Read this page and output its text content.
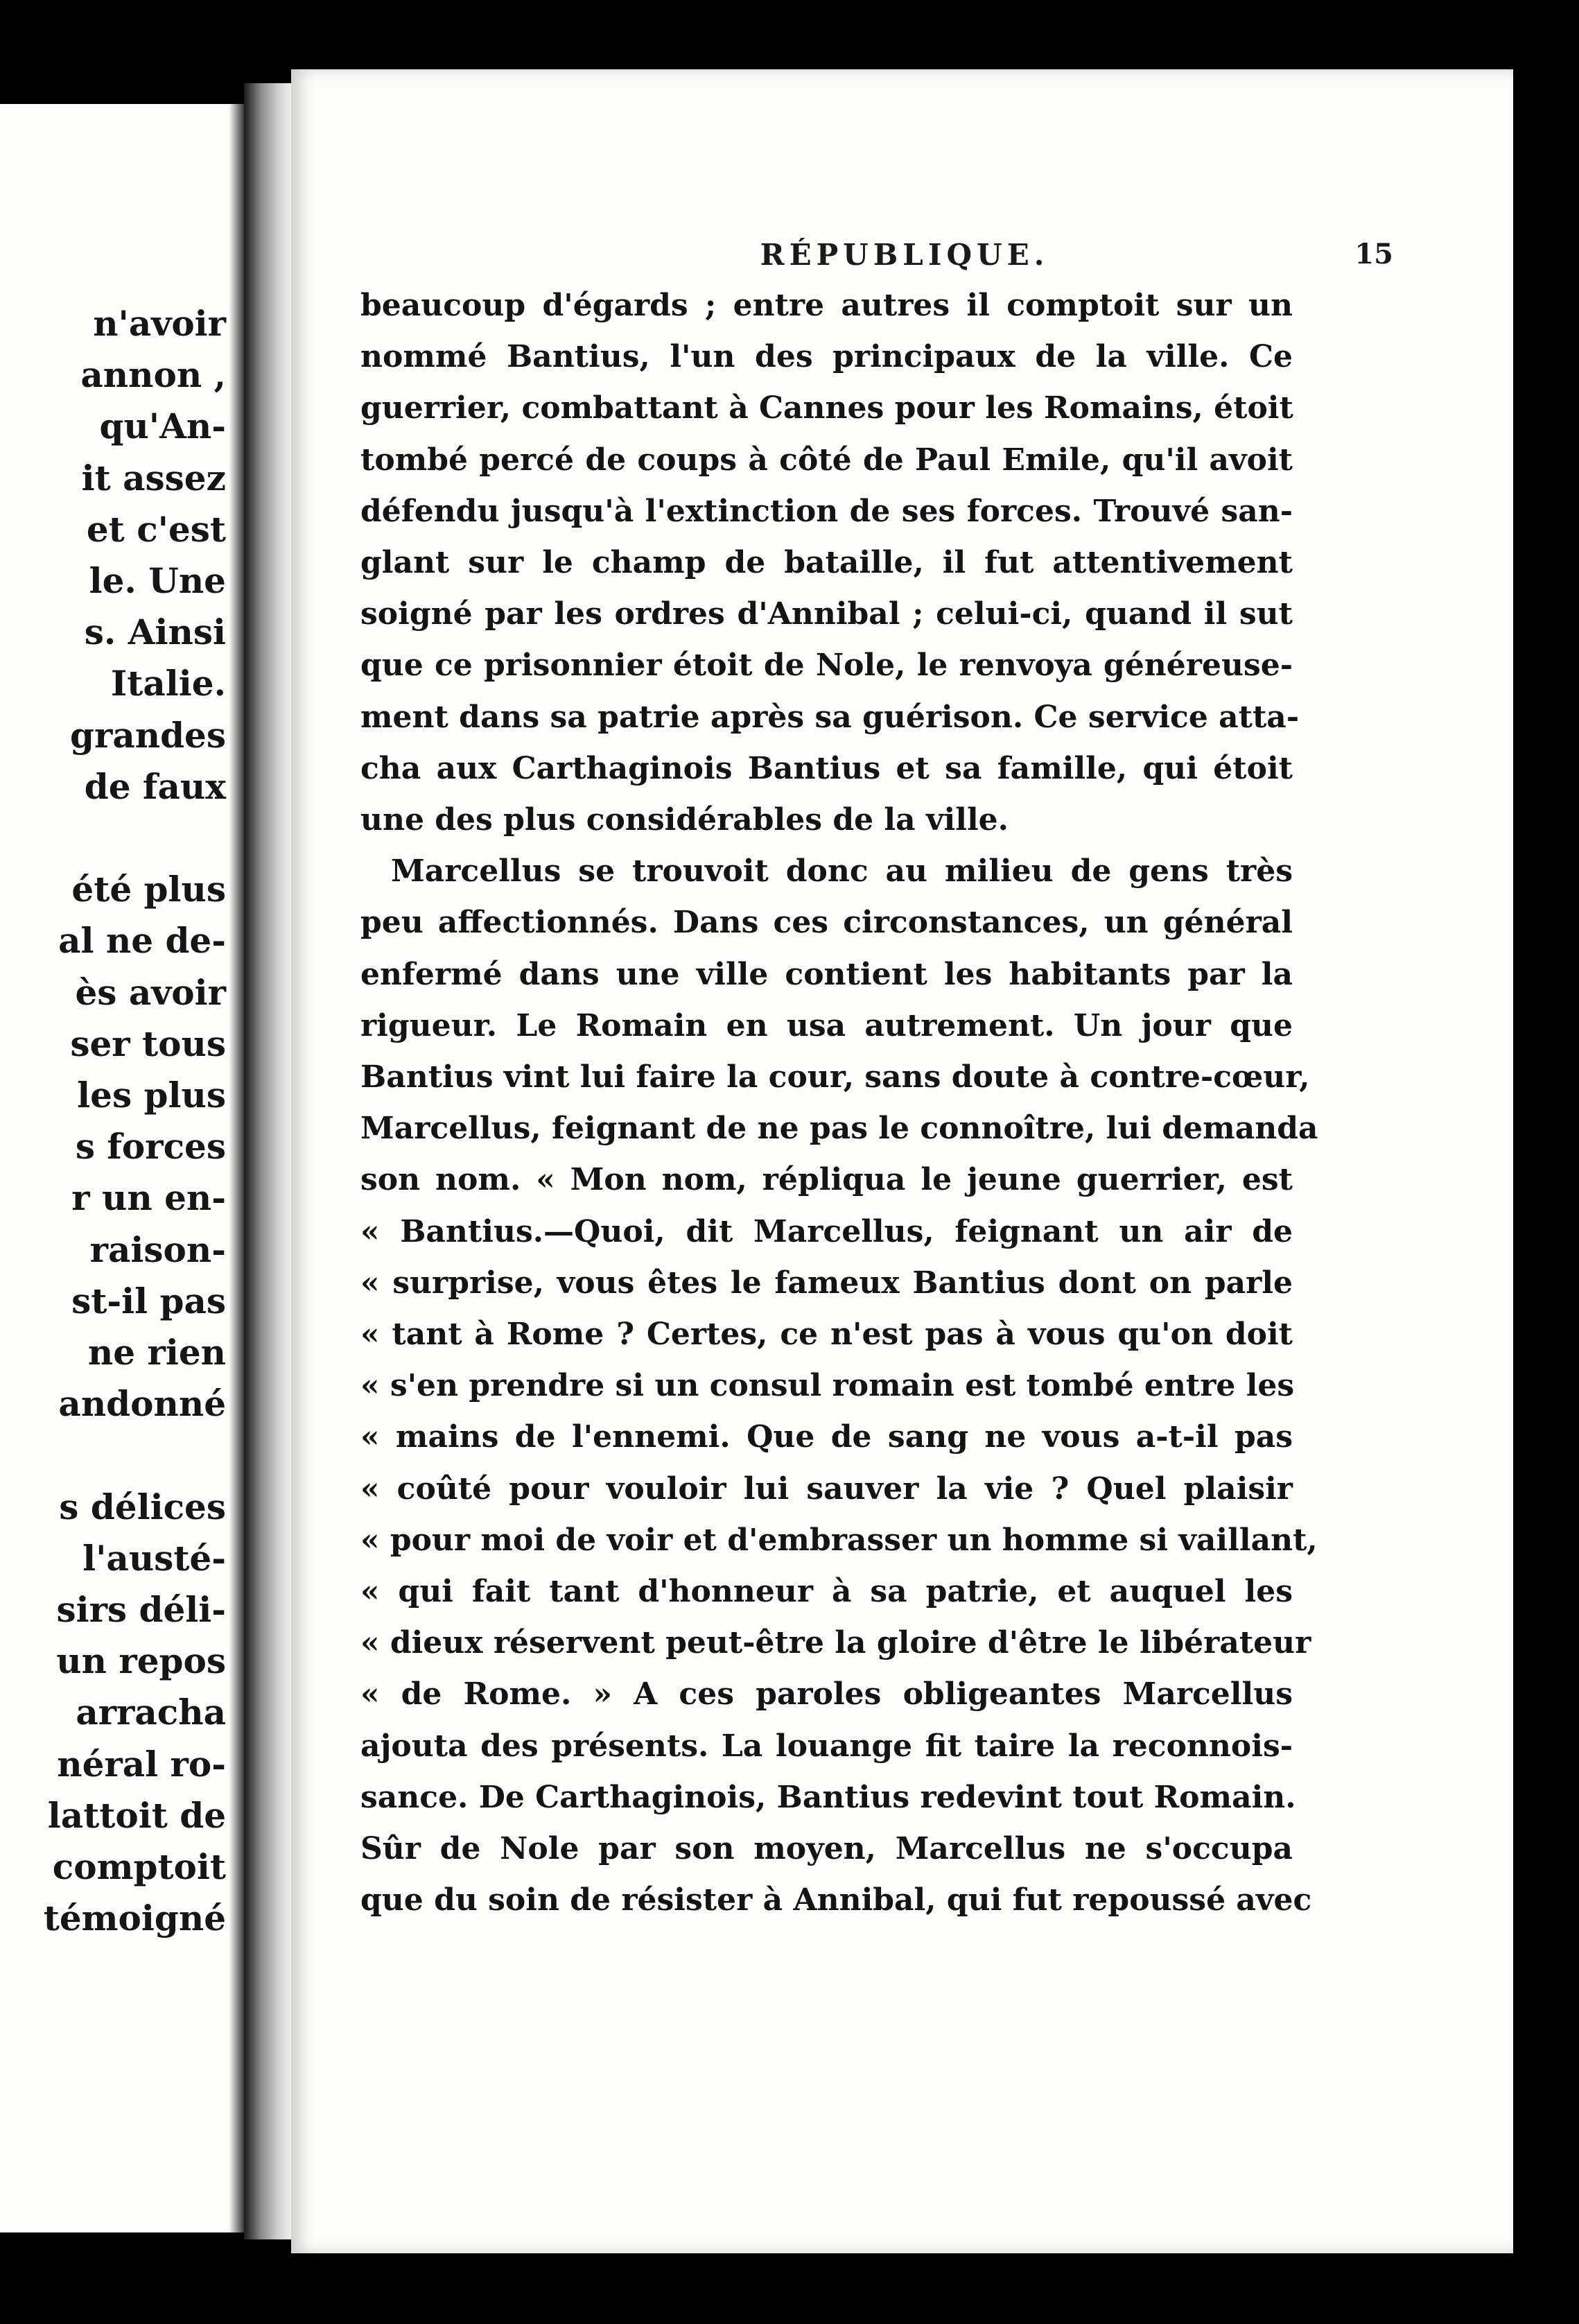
n'avoir
annon ,
qu'An-
it assez
et c'est
le. Une
s. Ainsi
Italie.
grandes
de faux
été plus
al ne de-
ès avoir
ser tous
les plus
s forces
r un en-
raison-
st-il pas
ne rien
andonné
s délices
l'austé-
sirs déli-
un repos
arracha
néral ro-
lattoit de
comptoit
témoigné
RÉPUBLIQUE.	15
beaucoup d'égards ; entre autres il comptoit sur un
nommé Bantius, l'un des principaux de la ville. Ce
guerrier, combattant à Cannes pour les Romains, étoit
tombé percé de coups à côté de Paul Emile, qu'il avoit
défendu jusqu'à l'extinction de ses forces. Trouvé san-
glant sur le champ de bataille, il fut attentivement
soigné par les ordres d'Annibal ; celui-ci, quand il sut
que ce prisonnier étoit de Nole, le renvoya généreuse-
ment dans sa patrie après sa guérison. Ce service atta-
cha aux Carthaginois Bantius et sa famille, qui étoit
une des plus considérables de la ville.
Marcellus se trouvoit donc au milieu de gens très
peu affectionnés. Dans ces circonstances, un général
enfermé dans une ville contient les habitants par la
rigueur. Le Romain en usa autrement. Un jour que
Bantius vint lui faire la cour, sans doute à contre-cœur,
Marcellus, feignant de ne pas le connoître, lui demanda
son nom. « Mon nom, répliqua le jeune guerrier, est
« Bantius.—Quoi, dit Marcellus, feignant un air de
« surprise, vous êtes le fameux Bantius dont on parle
« tant à Rome ? Certes, ce n'est pas à vous qu'on doit
« s'en prendre si un consul romain est tombé entre les
« mains de l'ennemi. Que de sang ne vous a-t-il pas
« coûté pour vouloir lui sauver la vie ? Quel plaisir
« pour moi de voir et d'embrasser un homme si vaillant,
« qui fait tant d'honneur à sa patrie, et auquel les
« dieux réservent peut-être la gloire d'être le libérateur
« de Rome. » A ces paroles obligeantes Marcellus
ajouta des présents. La louange fit taire la reconnois-
sance. De Carthaginois, Bantius redevint tout Romain.
Sûr de Nole par son moyen, Marcellus ne s'occupa
que du soin de résister à Annibal, qui fut repoussé avec
